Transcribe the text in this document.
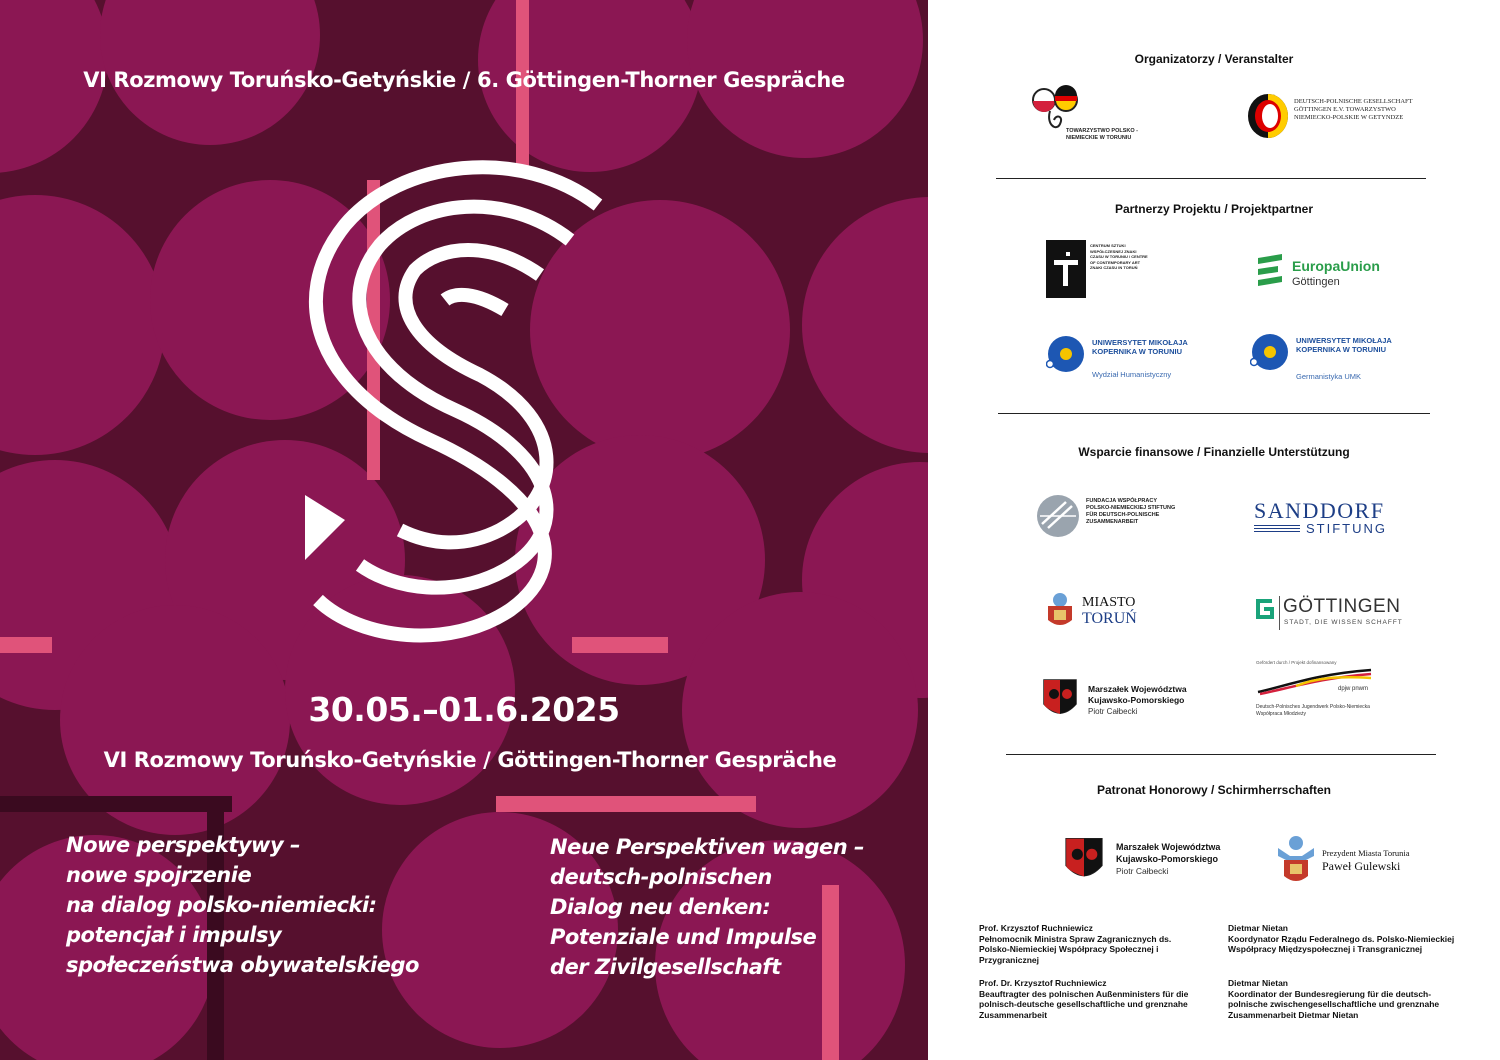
VI Rozmowy Toruńsko-Getyńskie / 6. Göttingen-Thorner Gespräche
30.05.–01.6.2025
VI Rozmowy Toruńsko-Getyńskie / Göttingen-Thorner Gespräche
Nowe perspektywy –
nowe spojrzenie
na dialog polsko-niemiecki:
potencjał i impulsy
społeczeństwa obywatelskiego
Neue Perspektiven wagen –
deutsch-polnischen
Dialog neu denken:
Potenziale und Impulse
der Zivilgesellschaft
Organizatorzy / Veranstalter
TOWARZYSTWO POLSKO - NIEMIECKIE W TORUNIU
DEUTSCH-POLNISCHE GESELLSCHAFT GÖTTINGEN E.V. TOWARZYSTWO NIEMIECKO-POLSKIE W GETYNDZE
Partnerzy Projektu / Projektpartner
CENTRUM SZTUKI WSPÓŁCZESNEJ ZNAKI CZASU W TORUNIU / CENTRE OF CONTEMPORARY ART ZNAKI CZASU IN TORUŃ	EuropaUnion
Göttingen
UNIWERSYTET MIKOŁAJA KOPERNIKA W TORUNIU
Wydział Humanistyczny
UNIWERSYTET MIKOŁAJA KOPERNIKA W TORUNIU
Germanistyka UMK
Wsparcie finansowe / Finanzielle Unterstützung
FUNDACJA WSPÓŁPRACY POLSKO-NIEMIECKIEJ STIFTUNG FÜR DEUTSCH-POLNISCHE ZUSAMMENARBEIT	SANDDORF
STIFTUNG
MIASTO
TORUŃ
GÖTTINGEN
STADT, DIE WISSEN SCHAFFT
Marszałek Województwa
Kujawsko-Pomorskiego
Piotr Całbecki
Gefördert durch / Projekt dofinansowany
dpjw pnwm
Deutsch-Polnisches Jugendwerk Polsko-Niemiecka Współpraca Młodzieży
Patronat Honorowy / Schirmherrschaften
Marszałek Województwa
Kujawsko-Pomorskiego
Piotr Całbecki
Prezydent Miasta Torunia
Paweł Gulewski
Prof. Krzysztof Ruchniewicz
Pełnomocnik Ministra Spraw Zagranicznych ds. Polsko-Niemieckiej Współpracy Społecznej i Przygranicznej
Prof. Dr. Krzysztof Ruchniewicz
Beauftragter des polnischen Außenministers für die polnisch-deutsche gesellschaftliche und grenznahe Zusammenarbeit
Dietmar Nietan
Koordynator Rządu Federalnego ds. Polsko-Niemieckiej Współpracy Międzyspołecznej i Transgranicznej
Dietmar Nietan
Koordinator der Bundesregierung für die deutsch-polnische zwischengesellschaftliche und grenznahe Zusammenarbeit Dietmar Nietan
